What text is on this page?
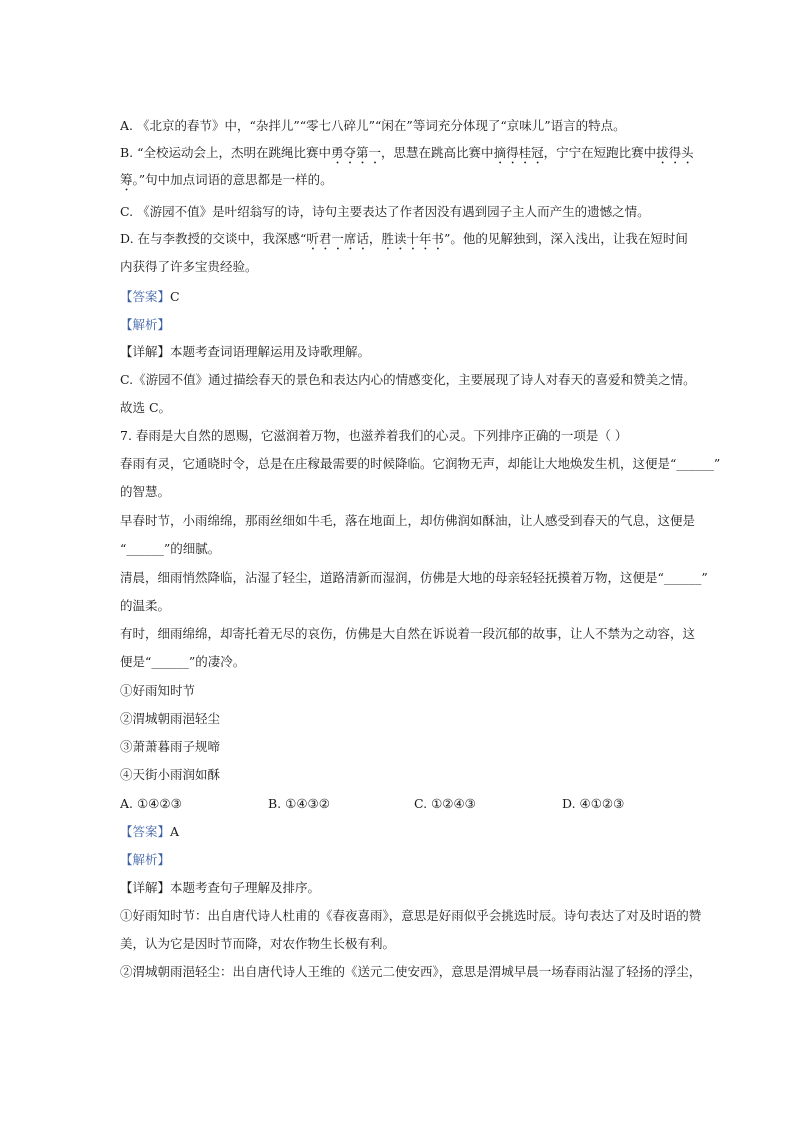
A. 《北京的春节》中，“杂拌儿”“零七八碎儿”“闲在”等词充分体现了“京味儿”语言的特点。
B. “全校运动会上，杰明在跳绳比赛中勇夺第一，思慧在跳高比赛中摘得桂冠，宁宁在短跑比赛中拔得头
筹。”句中加点词语的意思都是一样的。
C. 《游园不值》是叶绍翁写的诗，诗句主要表达了作者因没有遇到园子主人而产生的遗憾之情。
D. 在与李教授的交谈中，我深感“听君一席话，胜读十年书”。他的见解独到，深入浅出，让我在短时间
内获得了许多宝贵经验。
【答案】C
【解析】
【详解】本题考查词语理解运用及诗歌理解。
C.《游园不值》通过描绘春天的景色和表达内心的情感变化，主要展现了诗人对春天的喜爱和赞美之情。
故选 C。
7. 春雨是大自然的恩赐，它滋润着万物，也滋养着我们的心灵。下列排序正确的一项是（ ）
春雨有灵，它通晓时令，总是在庄稼最需要的时候降临。它润物无声，却能让大地焕发生机，这便是“______”
的智慧。
早春时节，小雨绵绵，那雨丝细如牛毛，落在地面上，却仿佛润如酥油，让人感受到春天的气息，这便是
“______”的细腻。
清晨，细雨悄然降临，沾湿了轻尘，道路清新而湿润，仿佛是大地的母亲轻轻抚摸着万物，这便是“______”
的温柔。
有时，细雨绵绵，却寄托着无尽的哀伤，仿佛是大自然在诉说着一段沉郁的故事，让人不禁为之动容，这
便是“______”的凄冷。
①好雨知时节
②渭城朝雨浥轻尘
③萧萧暮雨子规啼
④天街小雨润如酥
A. ①④②③	B. ①④③②	C. ①②④③	D. ④①②③
【答案】A
【解析】
【详解】本题考查句子理解及排序。
①好雨知时节：出自唐代诗人杜甫的《春夜喜雨》，意思是好雨似乎会挑选时辰。诗句表达了对及时语的赞
美，认为它是因时节而降，对农作物生长极有利。
②渭城朝雨浥轻尘：出自唐代诗人王维的《送元二使安西》，意思是渭城早晨一场春雨沾湿了轻扬的浮尘，
